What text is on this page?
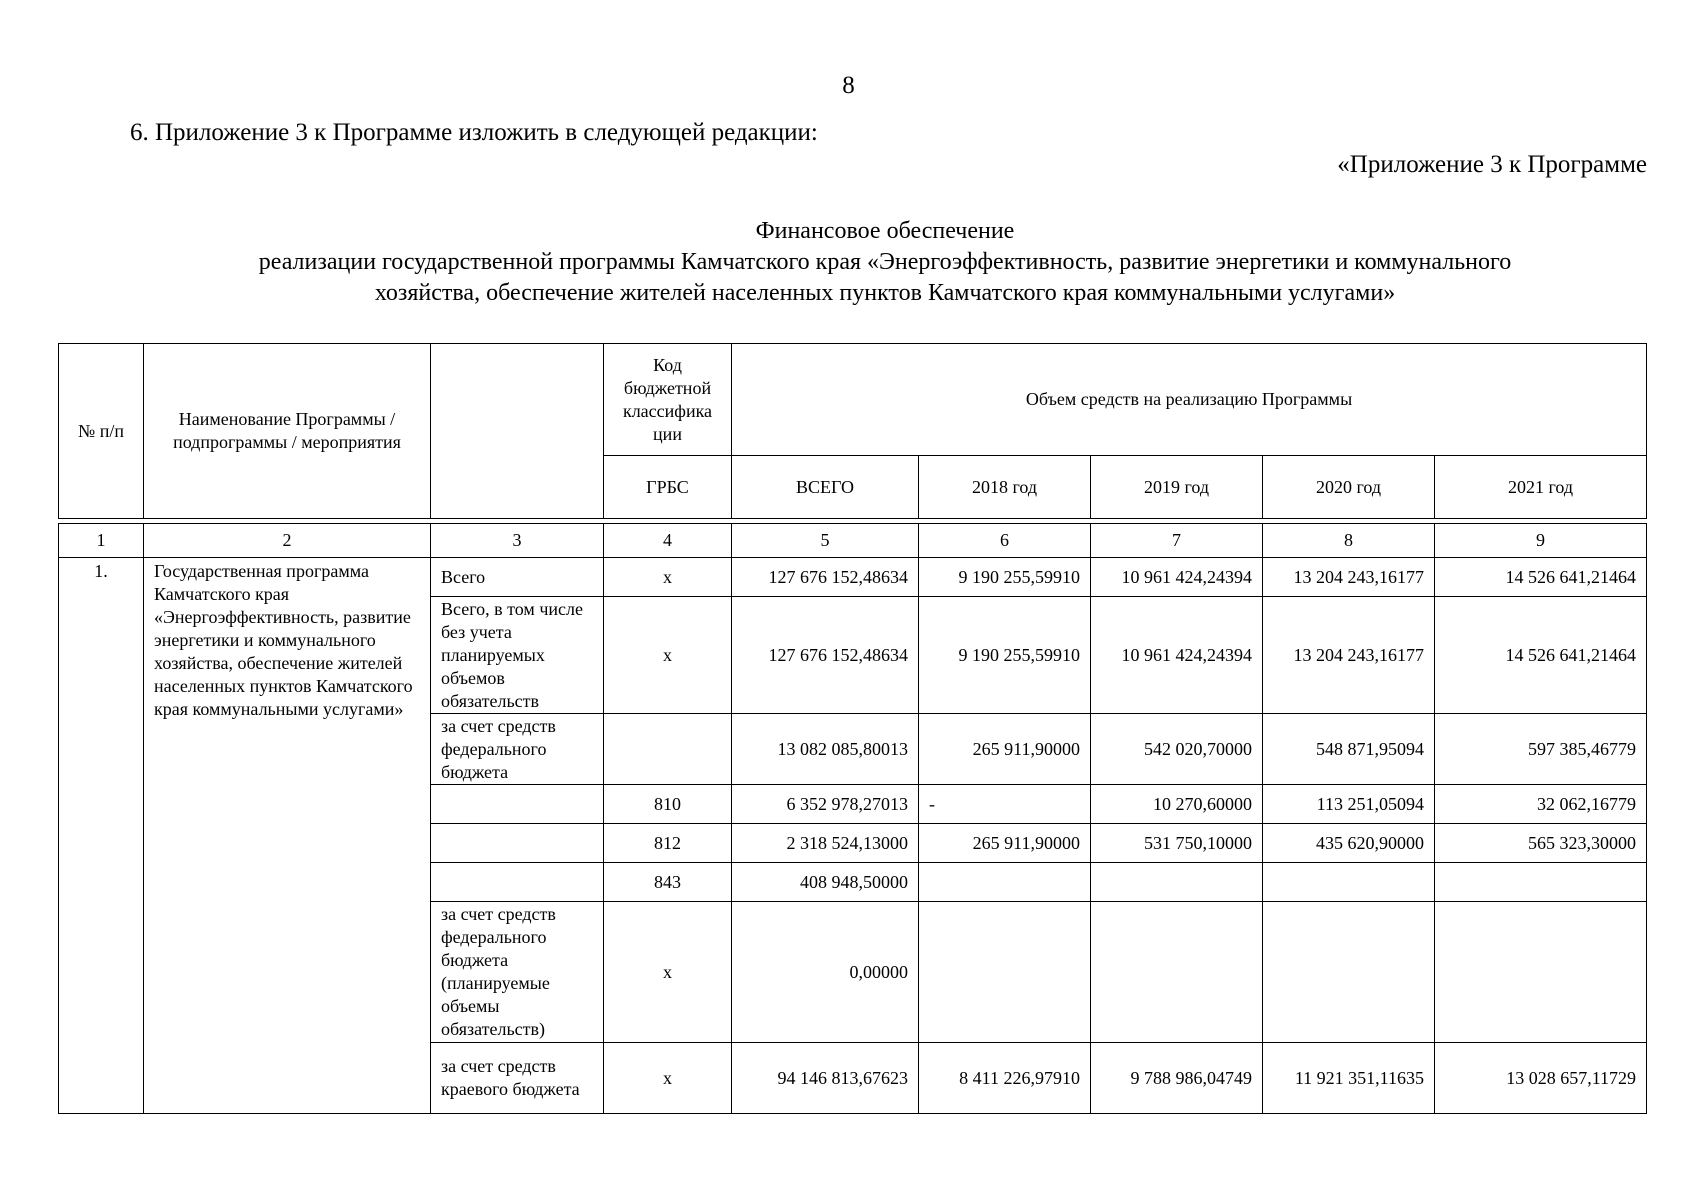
8
6. Приложение 3 к Программе изложить в следующей редакции:
«Приложение 3 к Программе
Финансовое обеспечение
реализации государственной программы Камчатского края «Энергоэффективность, развитие энергетики и коммунального
хозяйства, обеспечение жителей населенных пунктов Камчатского края коммунальными услугами»
№ п/п	Наименование Программы / подпрограммы / мероприятия		Код бюджетной классифика ции	Объем средств на реализацию Программы				
			ГРБС	ВСЕГО	2018 год	2019 год	2020 год	2021 год

1	2	3	4	5	6	7	8	9
1.	Государственная программа Камчатского края «Энергоэффективность, развитие энергетики и коммунального хозяйства, обеспечение жителей населенных пунктов Камчатского края коммунальными услугами»	Всего	х	127 676 152,48634	9 190 255,59910	10 961 424,24394	13 204 243,16177	14 526 641,21464
		Всего, в том числе без учета планируемых объемов обязательств	х	127 676 152,48634	9 190 255,59910	10 961 424,24394	13 204 243,16177	14 526 641,21464
		за счет средств федерального бюджета		13 082 085,80013	265 911,90000	542 020,70000	548 871,95094	597 385,46779
			810	6 352 978,27013	-	10 270,60000	113 251,05094	32 062,16779
			812	2 318 524,13000	265 911,90000	531 750,10000	435 620,90000	565 323,30000
			843	408 948,50000				
		за счет средств федерального бюджета (планируемые объемы обязательств)	х	0,00000				
		за счет средств краевого бюджета	х	94 146 813,67623	8 411 226,97910	9 788 986,04749	11 921 351,11635	13 028 657,11729
